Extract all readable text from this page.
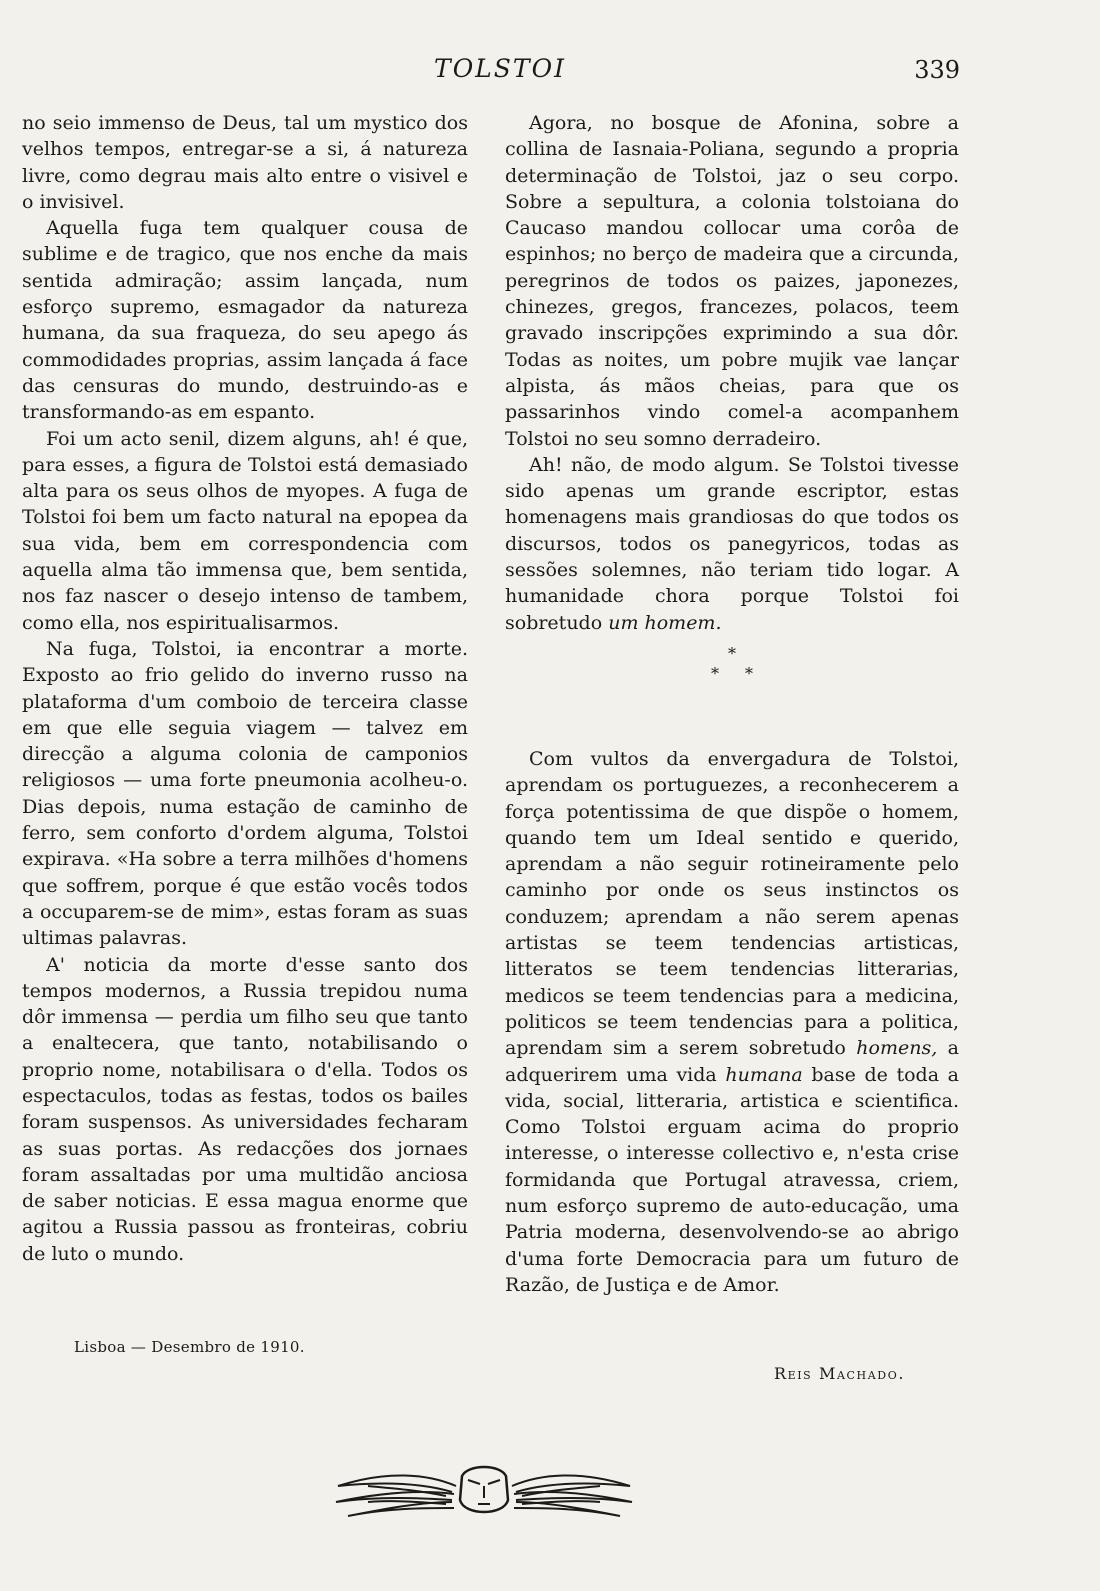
TOLSTOI	339

no seio immenso de Deus, tal um mystico dos velhos tempos, entregar-se a si, á natureza livre, como degrau mais alto entre o visivel e o invisivel.

Aquella fuga tem qualquer cousa de sublime e de tragico, que nos enche da mais sentida admiração; assim lançada, num esforço supremo, esmagador da natureza humana, da sua fraqueza, do seu apego ás commodidades proprias, assim lançada á face das censuras do mundo, destruindo-as e transformando-as em espanto.

Foi um acto senil, dizem alguns, ah! é que, para esses, a figura de Tolstoi está demasiado alta para os seus olhos de myopes. A fuga de Tolstoi foi bem um facto natural na epopea da sua vida, bem em correspondencia com aquella alma tão immensa que, bem sentida, nos faz nascer o desejo intenso de tambem, como ella, nos espiritualisarmos.

Na fuga, Tolstoi, ia encontrar a morte. Exposto ao frio gelido do inverno russo na plataforma d'um comboio de terceira classe em que elle seguia viagem — talvez em direcção a alguma colonia de camponios religiosos — uma forte pneumonia acolheu-o. Dias depois, numa estação de caminho de ferro, sem conforto d'ordem alguma, Tolstoi expirava. «Ha sobre a terra milhões d'homens que soffrem, porque é que estão vocês todos a occuparem-se de mim», estas foram as suas ultimas palavras.

A' noticia da morte d'esse santo dos tempos modernos, a Russia trepidou numa dôr immensa — perdia um filho seu que tanto a enaltecera, que tanto, notabilisando o proprio nome, notabilisara o d'ella. Todos os espectaculos, todas as festas, todos os bailes foram suspensos. As universidades fecharam as suas portas. As redacções dos jornaes foram assaltadas por uma multidão anciosa de saber noticias. E essa magua enorme que agitou a Russia passou as fronteiras, cobriu de luto o mundo.

Agora, no bosque de Afonina, sobre a collina de Iasnaia-Poliana, segundo a propria determinação de Tolstoi, jaz o seu corpo. Sobre a sepultura, a colonia tolstoiana do Caucaso mandou collocar uma corôa de espinhos; no berço de madeira que a circunda, peregrinos de todos os paizes, japonezes, chinezes, gregos, francezes, polacos, teem gravado inscripções exprimindo a sua dôr. Todas as noites, um pobre mujik vae lançar alpista, ás mãos cheias, para que os passarinhos vindo comel-a acompanhem Tolstoi no seu somno derradeiro.

Ah! não, de modo algum. Se Tolstoi tivesse sido apenas um grande escriptor, estas homenagens mais grandiosas do que todos os discursos, todos os panegyricos, todas as sessões solemnes, não teriam tido logar. A humanidade chora porque Tolstoi foi sobretudo um homem.

*
**

Com vultos da envergadura de Tolstoi, aprendam os portuguezes, a reconhecerem a força potentissima de que dispõe o homem, quando tem um Ideal sentido e querido, aprendam a não seguir rotineiramente pelo caminho por onde os seus instinctos os conduzem; aprendam a não serem apenas artistas se teem tendencias artisticas, litteratos se teem tendencias litterarias, medicos se teem tendencias para a medicina, politicos se teem tendencias para a politica, aprendam sim a serem sobretudo homens, a adquerirem uma vida humana base de toda a vida, social, litteraria, artistica e scientifica. Como Tolstoi erguam acima do proprio interesse, o interesse collectivo e, n'esta crise formidanda que Portugal atravessa, criem, num esforço supremo de auto-educação, uma Patria moderna, desenvolvendo-se ao abrigo d'uma forte Democracia para um futuro de Razão, de Justiça e de Amor.

Lisboa — Desembro de 1910.
Reis Machado.
